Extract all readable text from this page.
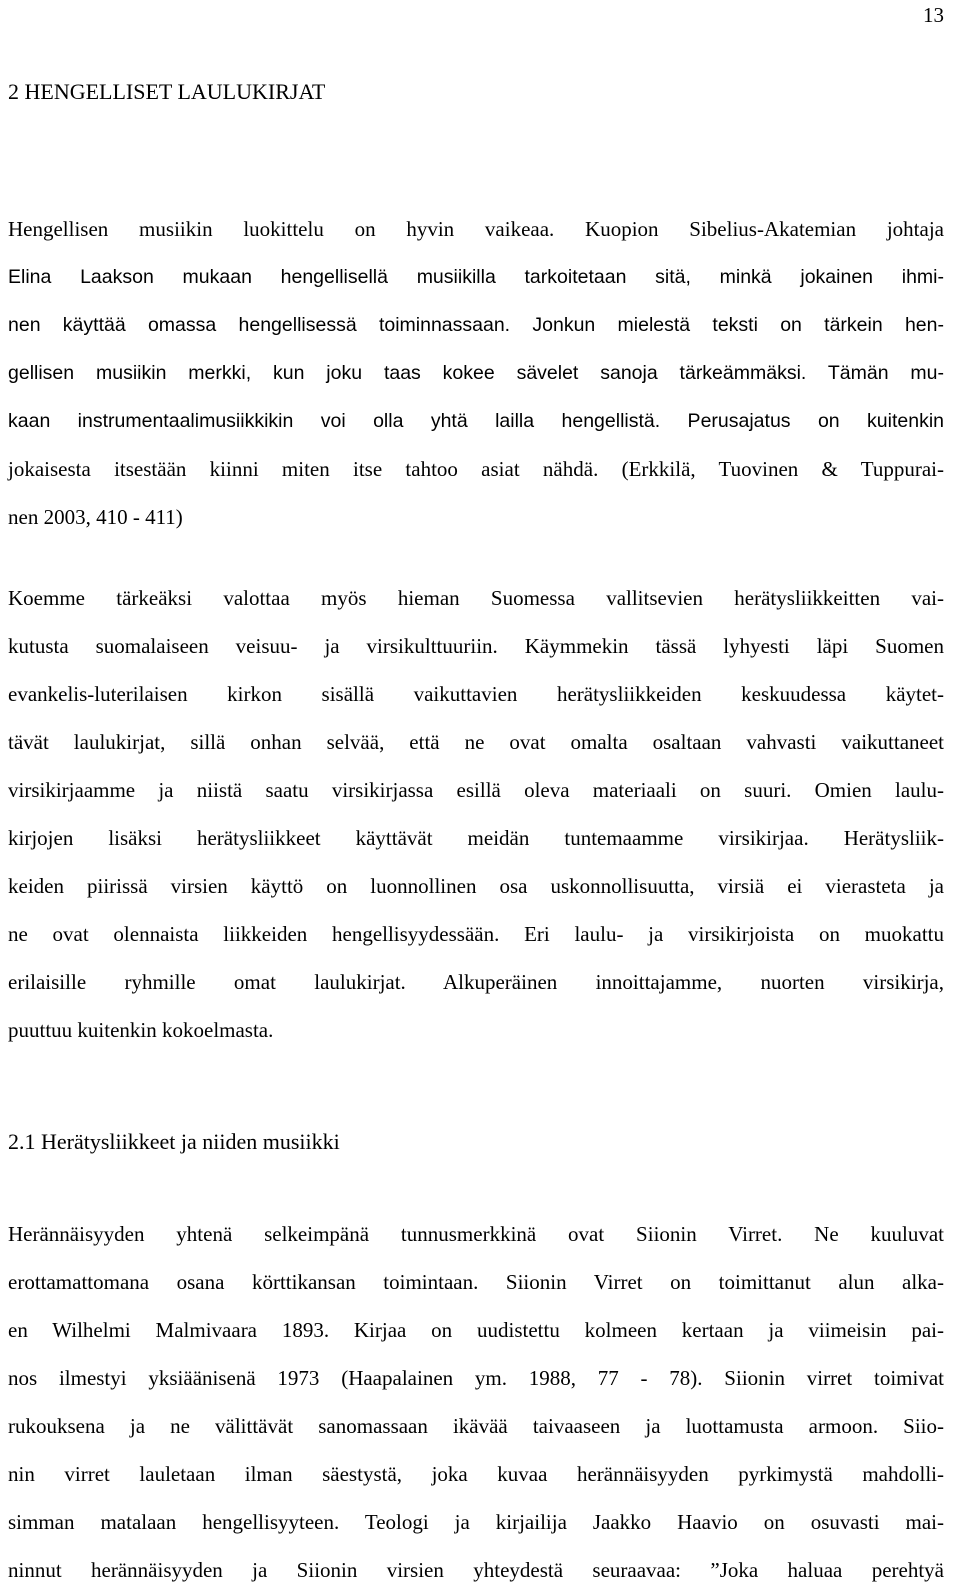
13
2 HENGELLISET LAULUKIRJAT
Hengellisen musiikin luokittelu on hyvin vaikeaa. Kuopion Sibelius-Akatemian johtaja
Elina Laakson mukaan hengellisellä musiikilla tarkoitetaan sitä, minkä jokainen ihmi-
nen käyttää omassa hengellisessä toiminnassaan. Jonkun mielestä teksti on tärkein hen-
gellisen musiikin merkki, kun joku taas kokee sävelet sanoja tärkeämmäksi. Tämän mu-
kaan instrumentaalimusiikkikin voi olla yhtä lailla hengellistä. Perusajatus on kuitenkin
jokaisesta itsestään kiinni miten itse tahtoo asiat nähdä. (Erkkilä, Tuovinen & Tuppurai-
nen 2003, 410 - 411)
Koemme tärkeäksi valottaa myös hieman Suomessa vallitsevien herätysliikkeitten vai-
kutusta suomalaiseen veisuu- ja virsikulttuuriin. Käymmekin tässä lyhyesti läpi Suomen
evankelis-luterilaisen kirkon sisällä vaikuttavien herätysliikkeiden keskuudessa käytet-
tävät laulukirjat, sillä onhan selvää, että ne ovat omalta osaltaan vahvasti vaikuttaneet
virsikirjaamme ja niistä saatu virsikirjassa esillä oleva materiaali on suuri. Omien laulu-
kirjojen lisäksi herätysliikkeet käyttävät meidän tuntemaamme virsikirjaa. Herätysliik-
keiden piirissä virsien käyttö on luonnollinen osa uskonnollisuutta, virsiä ei vierasteta ja
ne ovat olennaista liikkeiden hengellisyydessään. Eri laulu- ja virsikirjoista on muokattu
erilaisille ryhmille omat laulukirjat. Alkuperäinen innoittajamme, nuorten virsikirja,
puuttuu kuitenkin kokoelmasta.
2.1 Herätysliikkeet ja niiden musiikki
Herännäisyyden yhtenä selkeimpänä tunnusmerkkinä ovat Siionin Virret. Ne kuuluvat
erottamattomana osana körttikansan toimintaan. Siionin Virret on toimittanut alun alka-
en Wilhelmi Malmivaara 1893. Kirjaa on uudistettu kolmeen kertaan ja viimeisin pai-
nos ilmestyi yksiäänisenä 1973 (Haapalainen ym. 1988, 77 - 78). Siionin virret toimivat
rukouksena ja ne välittävät sanomassaan ikävää taivaaseen ja luottamusta armoon. Siio-
nin virret lauletaan ilman säestystä, joka kuvaa herännäisyyden pyrkimystä mahdolli-
simman matalaan hengellisyyteen. Teologi ja kirjailija Jaakko Haavio on osuvasti mai-
ninnut herännäisyyden ja Siionin virsien yhteydestä seuraavaa: ”Joka haluaa perehtyä
